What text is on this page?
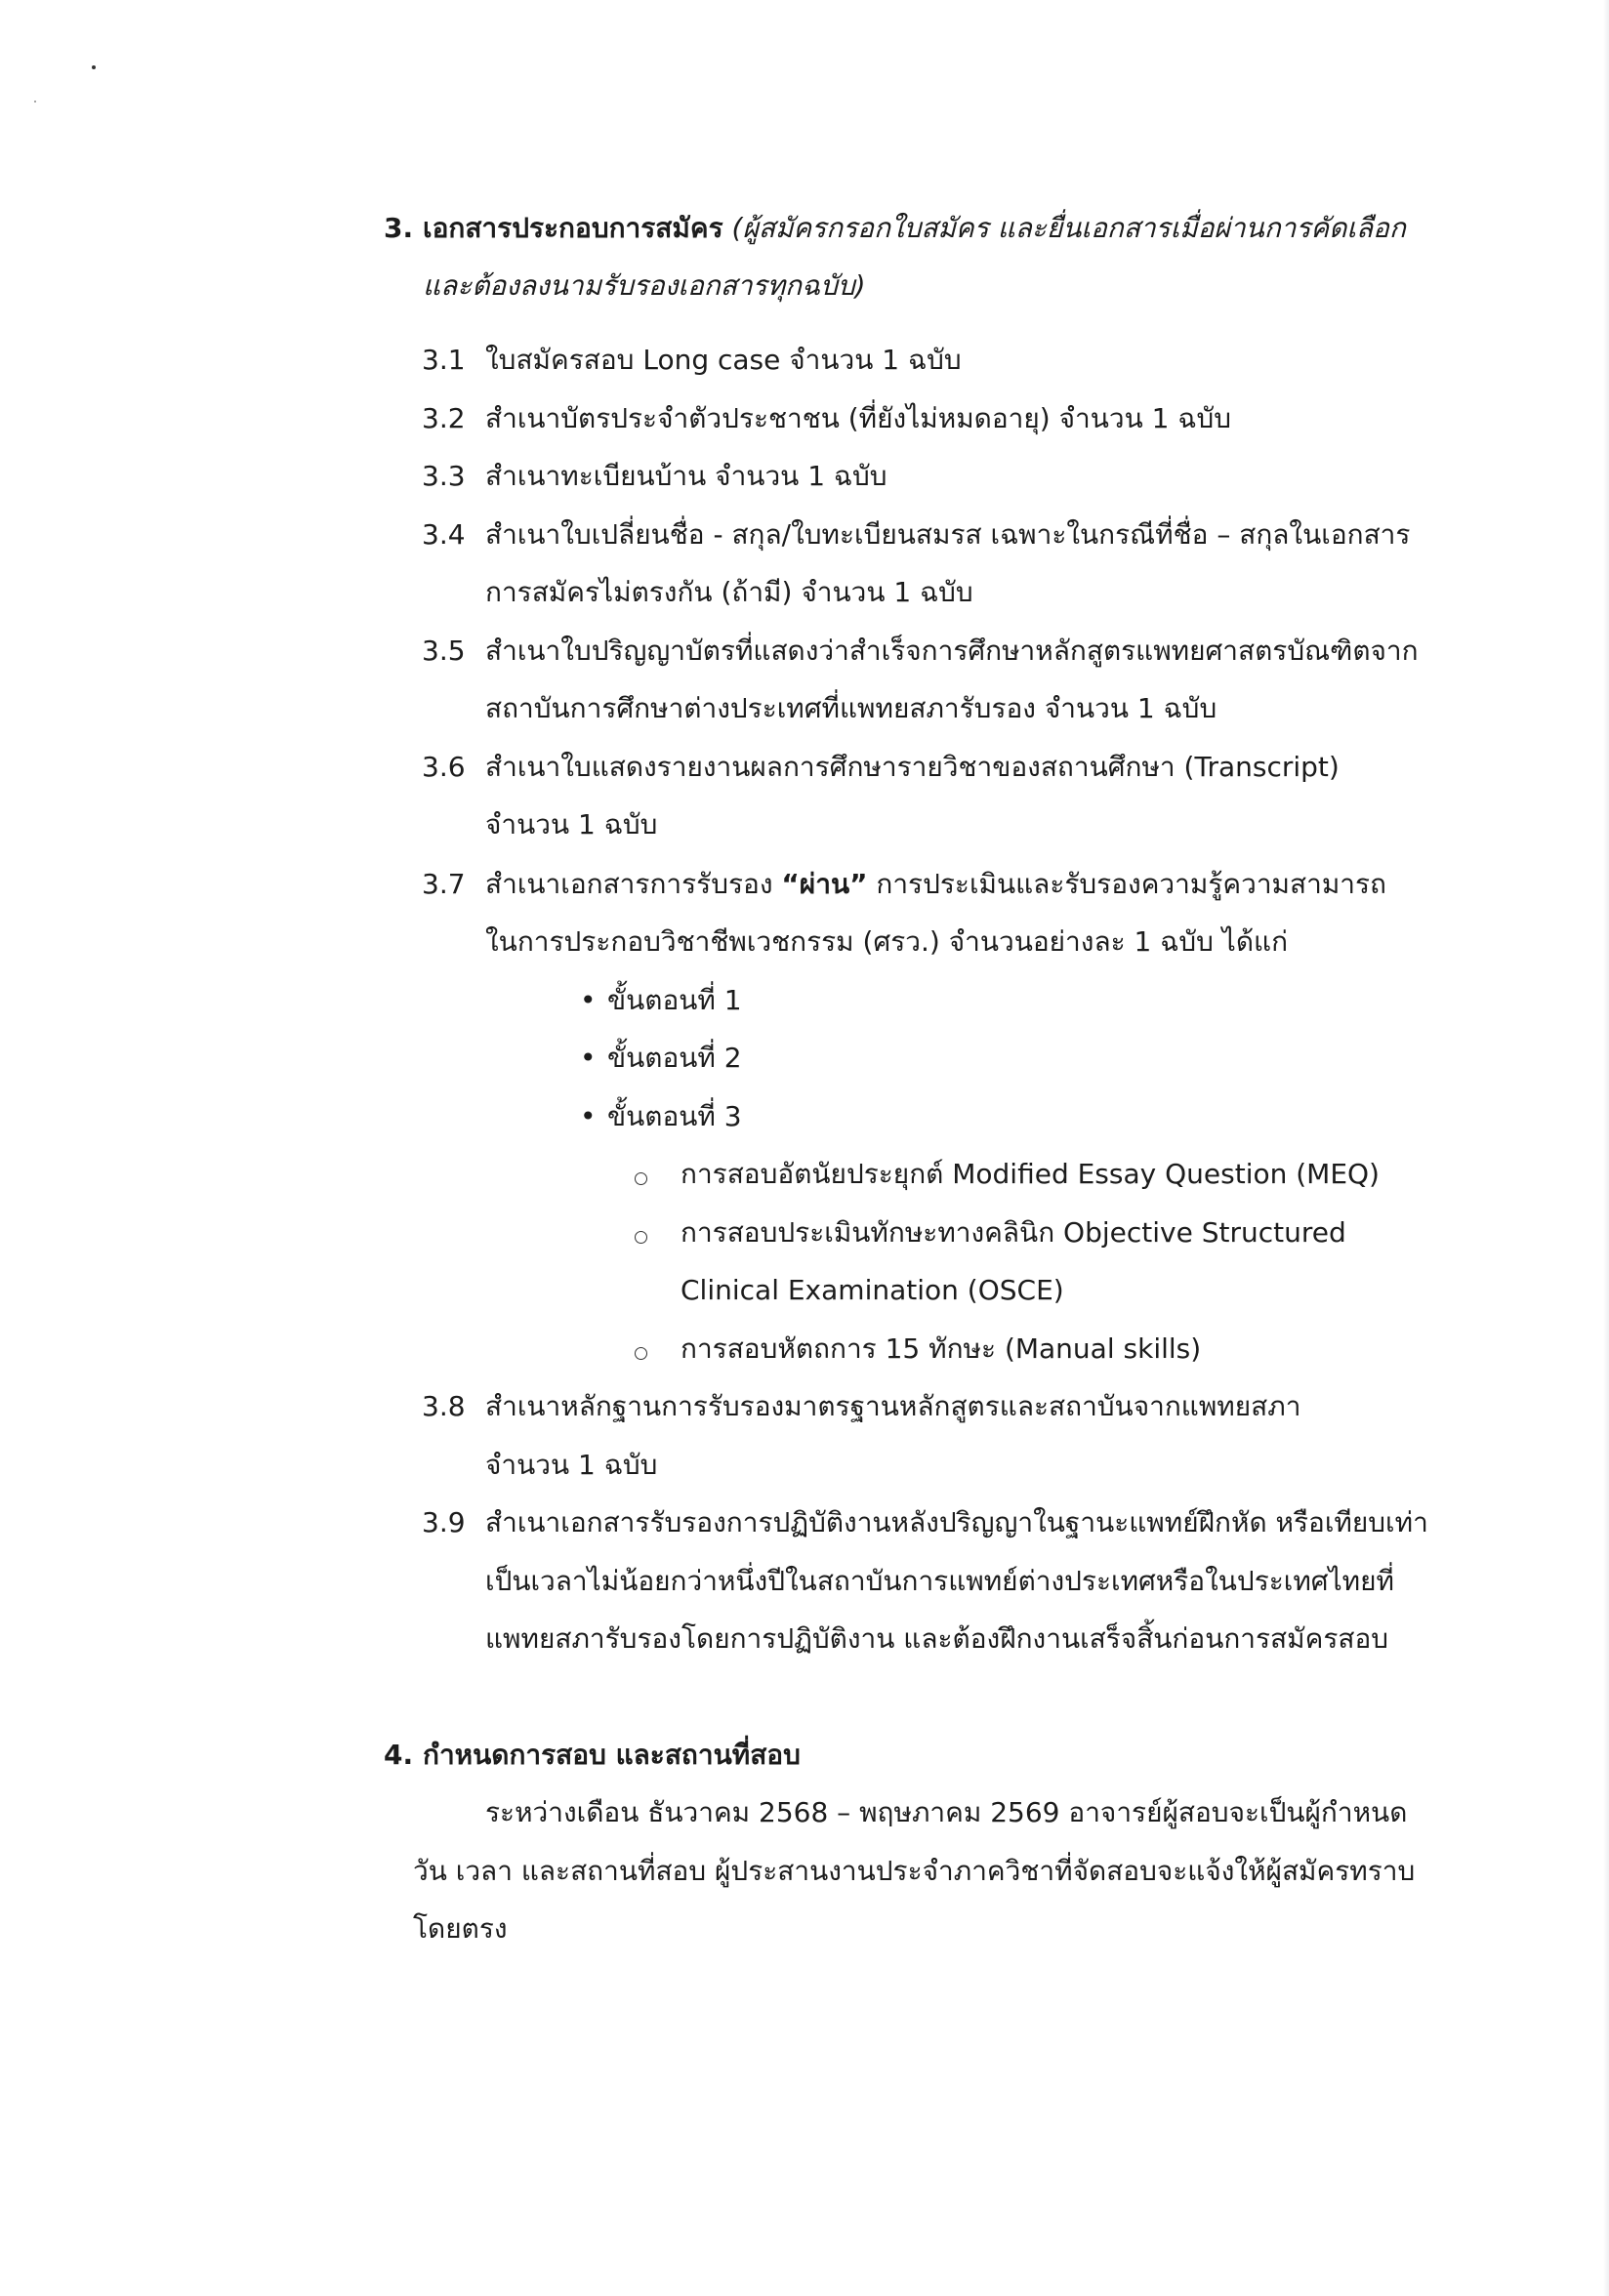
3. เอกสารประกอบการสมัคร (ผู้สมัครกรอกใบสมัคร และยื่นเอกสารเมื่อผ่านการคัดเลือก
และต้องลงนามรับรองเอกสารทุกฉบับ)
3.1 ใบสมัครสอบ Long case จำนวน 1 ฉบับ
3.2 สำเนาบัตรประจำตัวประชาชน (ที่ยังไม่หมดอายุ) จำนวน 1 ฉบับ
3.3 สำเนาทะเบียนบ้าน จำนวน 1 ฉบับ
3.4 สำเนาใบเปลี่ยนชื่อ - สกุล/ใบทะเบียนสมรส เฉพาะในกรณีที่ชื่อ – สกุลในเอกสาร
การสมัครไม่ตรงกัน (ถ้ามี) จำนวน 1 ฉบับ
3.5 สำเนาใบปริญญาบัตรที่แสดงว่าสำเร็จการศึกษาหลักสูตรแพทยศาสตรบัณฑิตจาก
สถาบันการศึกษาต่างประเทศที่แพทยสภารับรอง จำนวน 1 ฉบับ
3.6 สำเนาใบแสดงรายงานผลการศึกษารายวิชาของสถานศึกษา (Transcript)
จำนวน 1 ฉบับ
3.7 สำเนาเอกสารการรับรอง “ผ่าน” การประเมินและรับรองความรู้ความสามารถ
ในการประกอบวิชาชีพเวชกรรม (ศรว.) จำนวนอย่างละ 1 ฉบับ ได้แก่
• ขั้นตอนที่ 1
• ขั้นตอนที่ 2
• ขั้นตอนที่ 3
การสอบอัตนัยประยุกต์ Modified Essay Question (MEQ)
การสอบประเมินทักษะทางคลินิก Objective Structured
Clinical Examination (OSCE)
การสอบหัตถการ 15 ทักษะ (Manual skills)
3.8 สำเนาหลักฐานการรับรองมาตรฐานหลักสูตรและสถาบันจากแพทยสภา
จำนวน 1 ฉบับ
3.9 สำเนาเอกสารรับรองการปฏิบัติงานหลังปริญญาในฐานะแพทย์ฝึกหัด หรือเทียบเท่า
เป็นเวลาไม่น้อยกว่าหนึ่งปีในสถาบันการแพทย์ต่างประเทศหรือในประเทศไทยที่
แพทยสภารับรองโดยการปฏิบัติงาน และต้องฝึกงานเสร็จสิ้นก่อนการสมัครสอบ
4. กำหนดการสอบ และสถานที่สอบ
ระหว่างเดือน ธันวาคม 2568 – พฤษภาคม 2569 อาจารย์ผู้สอบจะเป็นผู้กำหนด
วัน เวลา และสถานที่สอบ ผู้ประสานงานประจำภาควิชาที่จัดสอบจะแจ้งให้ผู้สมัครทราบ
โดยตรง
